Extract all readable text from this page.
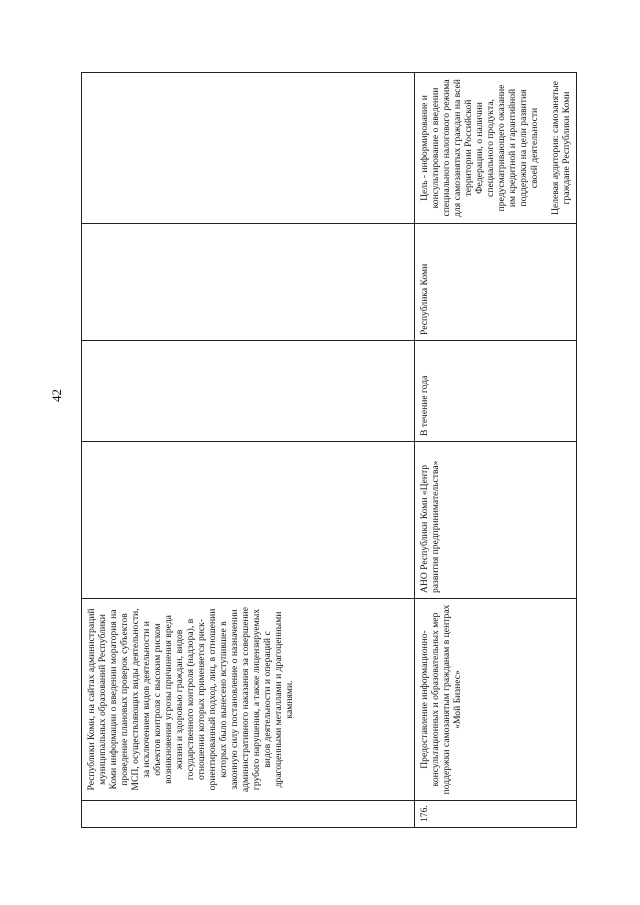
42
	Республики Коми, на сайтах администраций муниципальных образований Республики Коми информации о введении моратория на проведение плановых проверок субъектов МСП, осуществляющих виды деятельности, за исключением видов деятельности и объектов контроля с высоким риском возникновения угрозы причинения вреда жизни и здоровью граждан, видов государственного контроля (надзора), в отношении которых применяется риск-ориентированный подход, лиц, в отношении которых было вынесено вступившее в законную силу постановление о назначении административного наказания за совершение грубого нарушения, а также лицензируемых видов деятельности и операций с драгоценными металлами и драгоценными камнями.				

176.	Предоставление информационно-консультационных и образовательных мер поддержки самозанятым гражданам в центрах «Мой Бизнес»	АНО Республики Коми «Центр развития предпринимательства»	В течение года	Республика Коми	Цель - информирование и консультирование о введении специального налогового режима для самозанятых граждан на всей территории Российской Федерации, о наличии специального продукта, предусматривающего оказание им кредитной и гарантийной поддержки на цели развития своей деятельности Целевая аудитория: самозанятые граждане Республики Коми
